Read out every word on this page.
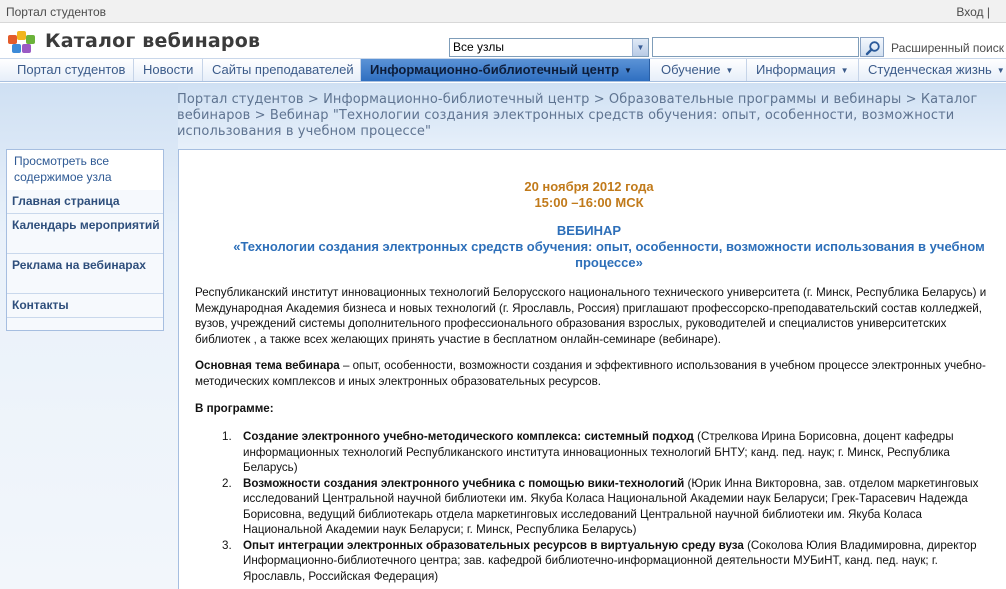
Портал студентов	Вход |
Каталог вебинаров	Все узлы	▼	Расширенный поиск
Портал студентов	Новости	Сайты преподавателей	Информационно-библиотечный центр ▼	Обучение ▼	Информация ▼	Студенческая жизнь ▼
Портал студентов > Информационно-библиотечный центр > Образовательные программы и вебинары > Каталог вебинаров > Вебинар "Технологии создания электронных средств обучения: опыт, особенности, возможности использования в учебном процессе"
Просмотреть все содержимое узла
Главная страница
Календарь мероприятий
Реклама на вебинарах
Контакты
20 ноября 2012 года
15:00 –16:00 МСК
ВЕБИНАР
«Технологии создания электронных средств обучения: опыт, особенности, возможности использования в учебном процессе»
Республиканский институт инновационных технологий Белорусского национального технического университета (г. Минск, Республика Беларусь) и Международная Академия бизнеса и новых технологий (г. Ярославль, Россия) приглашают профессорско-преподавательский состав колледжей, вузов, учреждений системы дополнительного профессионального образования взрослых, руководителей и специалистов университетских библиотек , а также всех желающих принять участие в бесплатном онлайн-семинаре (вебинаре).
Основная тема вебинара – опыт, особенности, возможности создания и эффективного использования в учебном процессе электронных учебно-методических комплексов и иных электронных образовательных ресурсов.
В программе:
1. Создание электронного учебно-методического комплекса: системный подход (Стрелкова Ирина Борисовна, доцент кафедры информационных технологий Республиканского института инновационных технологий БНТУ; канд. пед. наук; г. Минск, Республика Беларусь)
2. Возможности создания электронного учебника с помощью вики-технологий (Юрик Инна Викторовна, зав. отделом маркетинговых исследований Центральной научной библиотеки им. Якуба Коласа Национальной Академии наук Беларуси; Грек-Тарасевич Надежда Борисовна, ведущий библиотекарь отдела маркетинговых исследований Центральной научной библиотеки им. Якуба Коласа Национальной Академии наук Беларуси; г. Минск, Республика Беларусь)
3. Опыт интеграции электронных образовательных ресурсов в виртуальную среду вуза (Соколова Юлия Владимировна, директор Информационно-библиотечного центра; зав. кафедрой библиотечно-информационной деятельности МУБиНТ, канд. пед. наук; г. Ярославль, Российская Федерация)
